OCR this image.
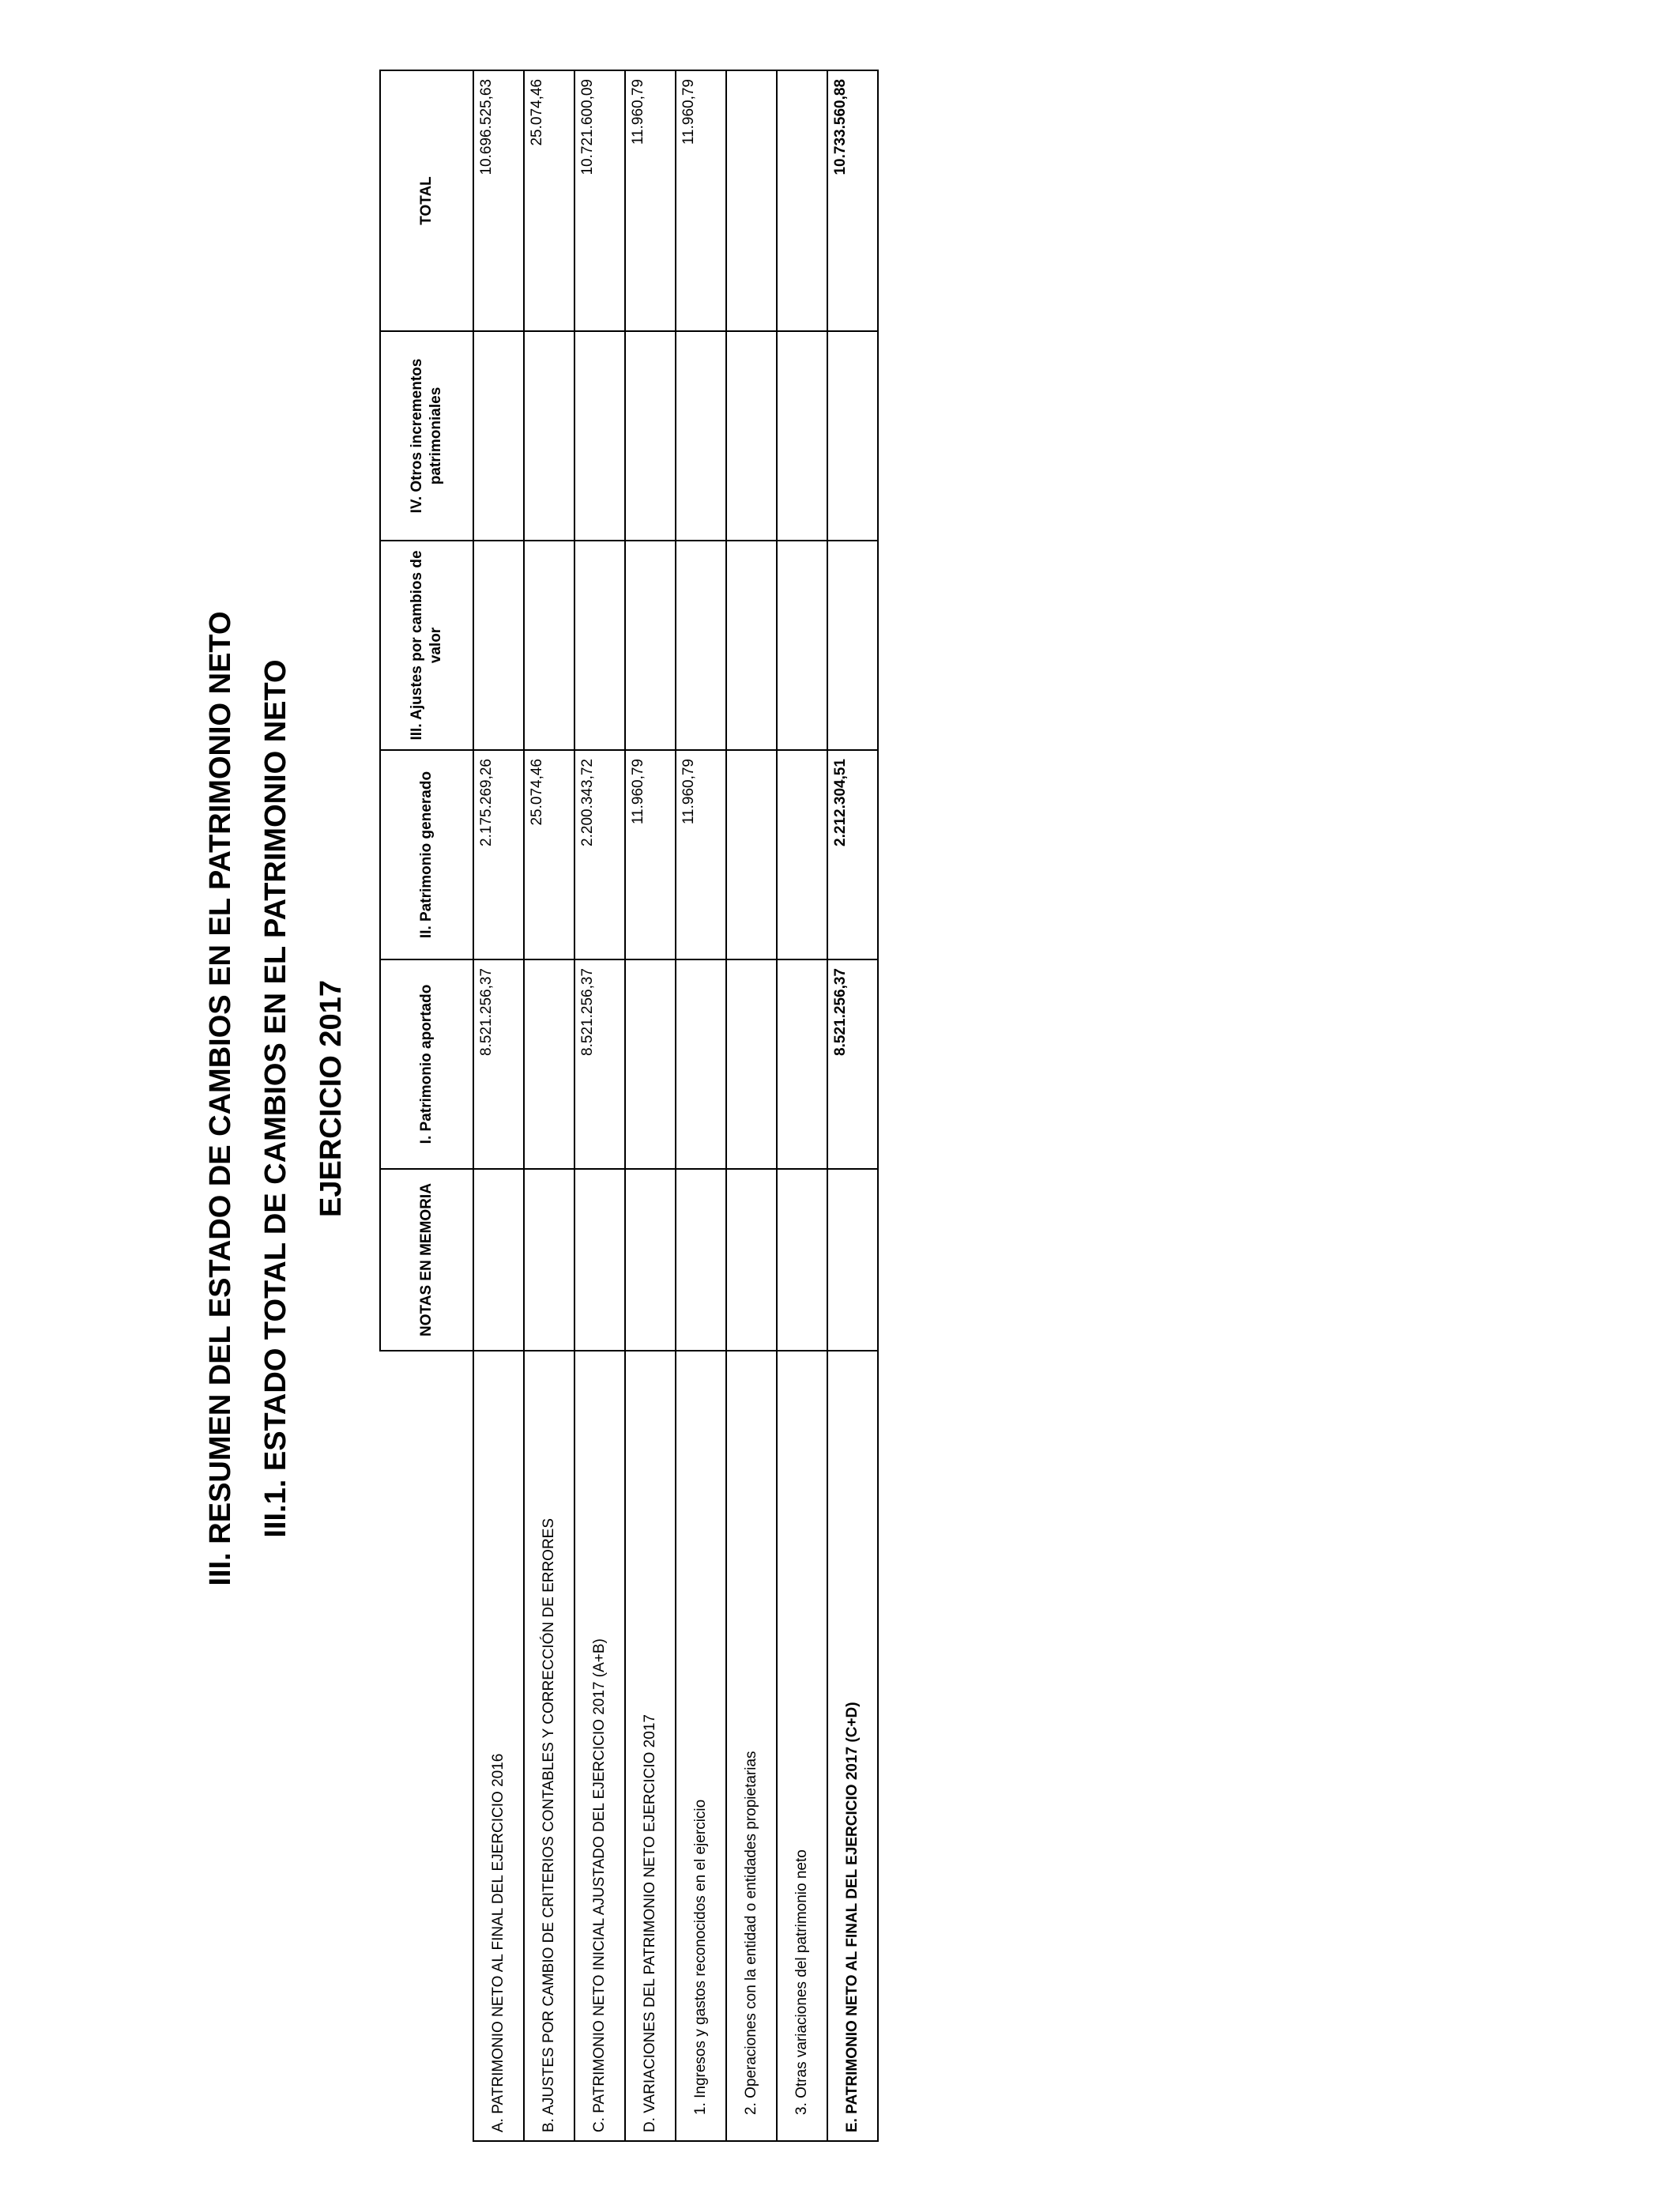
III. RESUMEN DEL ESTADO DE CAMBIOS EN EL PATRIMONIO NETO III.1. ESTADO TOTAL DE CAMBIOS EN EL PATRIMONIO NETO EJERCICIO 2017
	NOTAS EN MEMORIA	I. Patrimonio aportado	II. Patrimonio generado	III. Ajustes por cambios de valor	IV. Otros incrementos patrimoniales	TOTAL
A. PATRIMONIO NETO AL FINAL DEL EJERCICIO 2016		8.521.256,37	2.175.269,26			10.696.525,63
B. AJUSTES POR CAMBIO DE CRITERIOS CONTABLES Y CORRECCIÓN DE ERRORES			25.074,46			25.074,46
C. PATRIMONIO NETO INICIAL AJUSTADO DEL EJERCICIO 2017 (A+B)		8.521.256,37	2.200.343,72			10.721.600,09
D. VARIACIONES DEL PATRIMONIO NETO EJERCICIO 2017			11.960,79			11.960,79
1. Ingresos y gastos reconocidos en el ejercicio			11.960,79			11.960,79
2. Operaciones con la entidad o entidades propietarias						
3. Otras variaciones del patrimonio neto						
E. PATRIMONIO NETO AL FINAL DEL EJERCICIO 2017 (C+D)		8.521.256,37	2.212.304,51			10.733.560,88
